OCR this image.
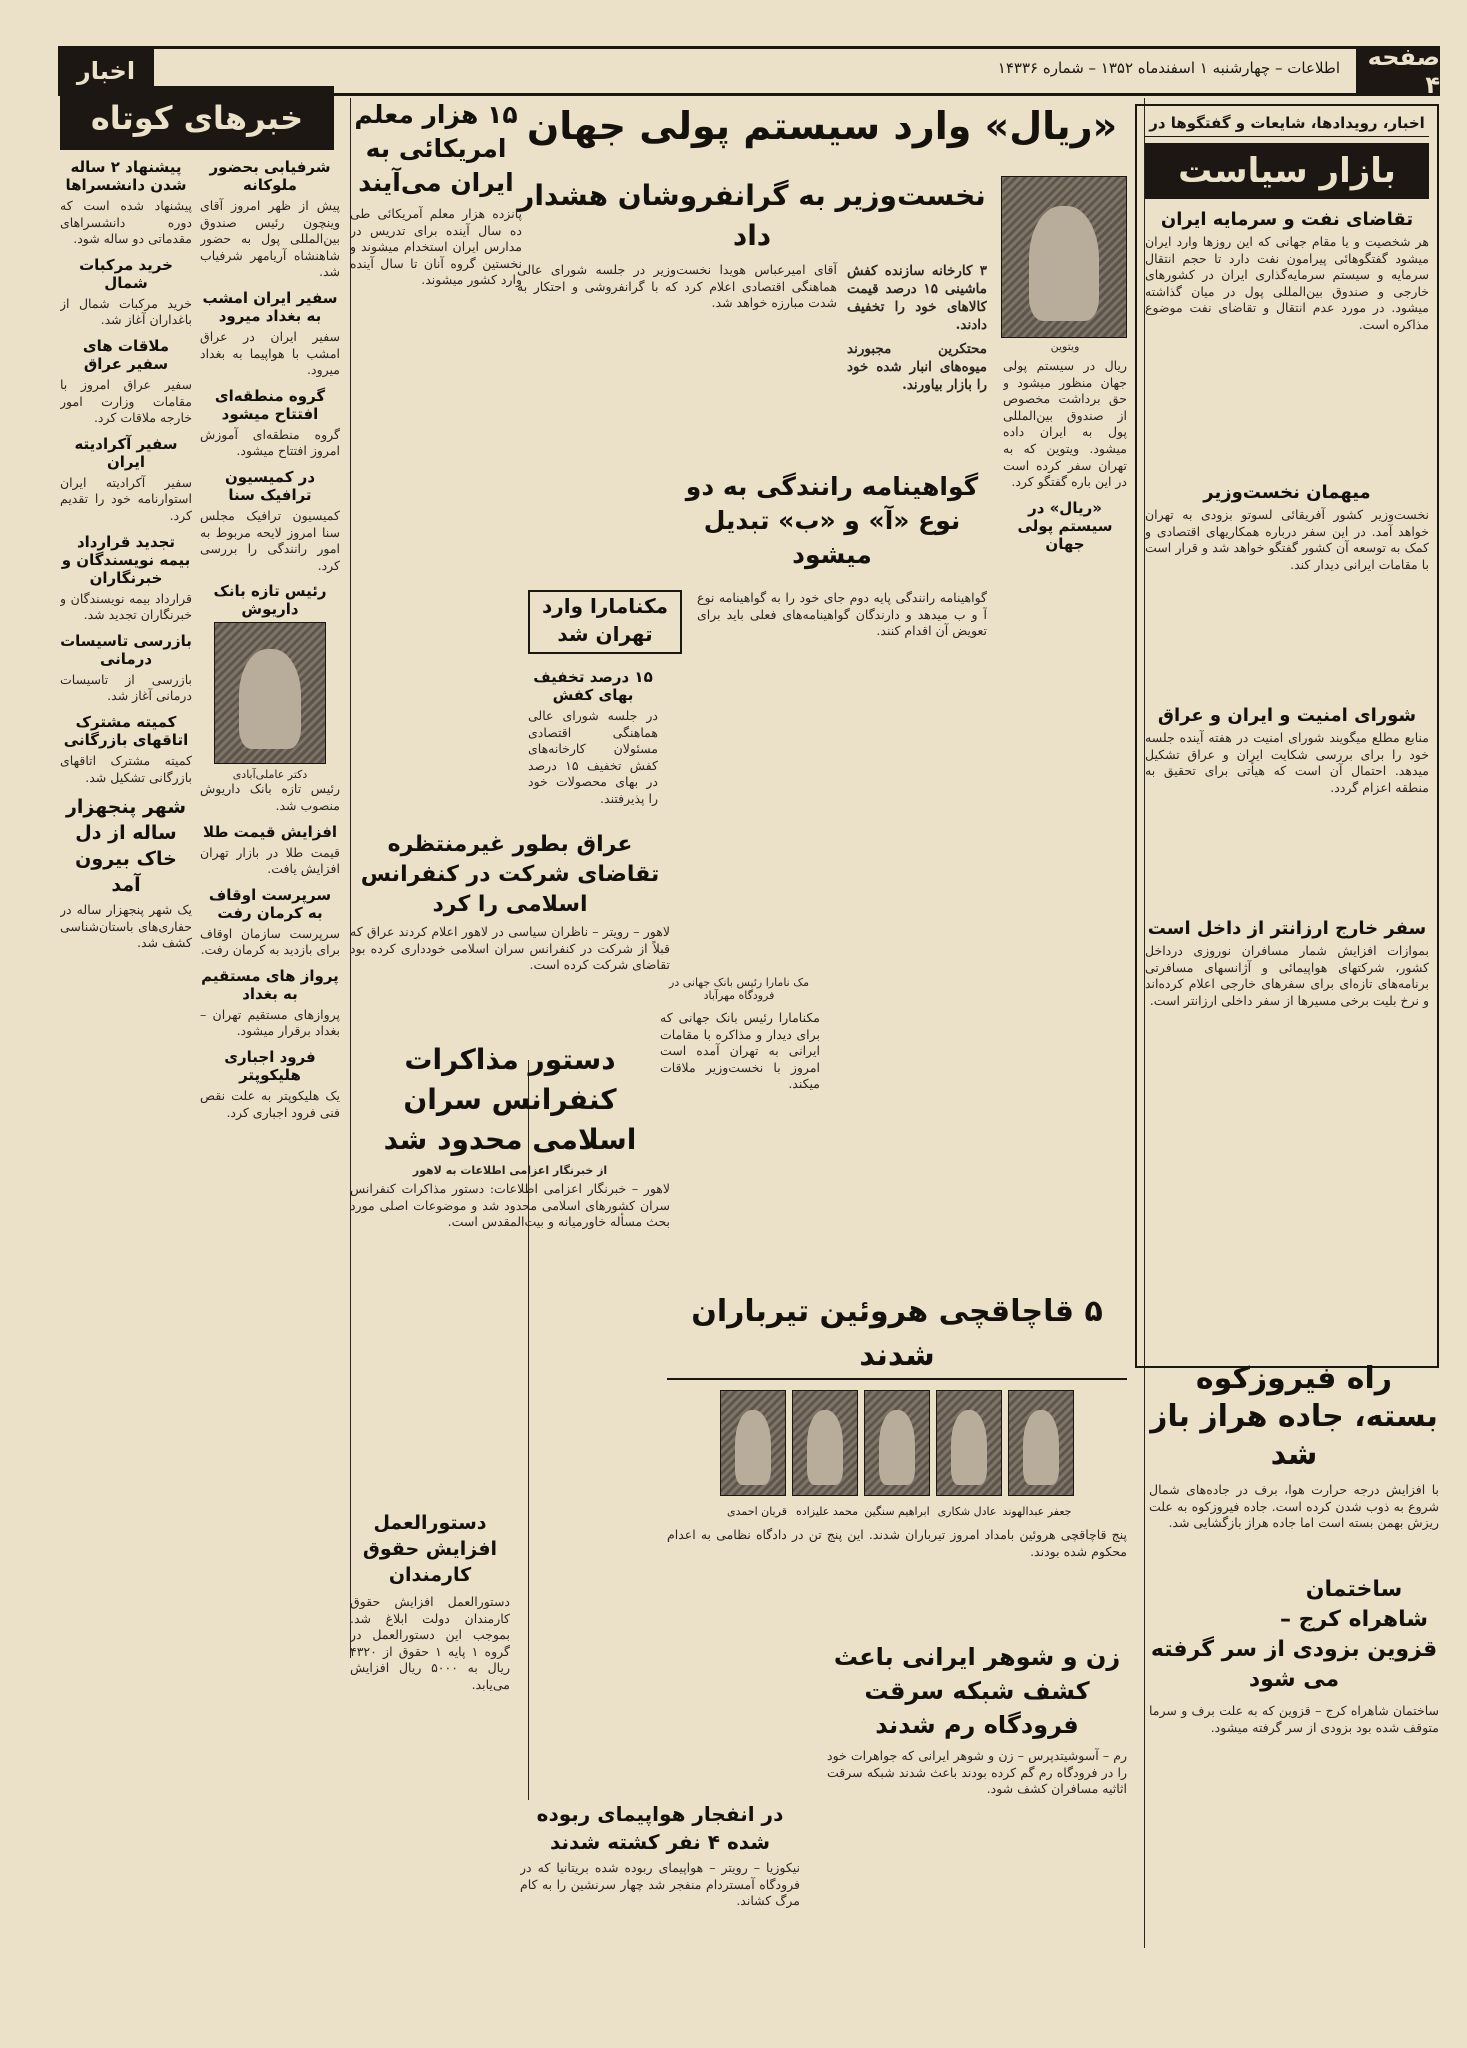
صفحه ۴
اطلاعات – چهارشنبه ۱ اسفندماه ۱۳۵۲ – شماره ۱۴۳۳۶
اخبار
اخبار، رویدادها، شایعات و گفتگوها در
بازار سیاست
تقاضای نفت و سرمایه ایران
هر شخصیت و یا مقام جهانی که این روزها وارد ایران میشود گفتگوهائی پیرامون نفت دارد تا حجم انتقال سرمایه و سیستم سرمایه‌گذاری ایران در کشورهای خارجی و صندوق بین‌المللی پول در میان گذاشته میشود. در مورد عدم انتقال و تقاضای نفت موضوع مذاکره است.
میهمان نخست‌وزیر
نخست‌وزیر کشور آفریقائی لسوتو بزودی به تهران خواهد آمد. در این سفر درباره همکاریهای اقتصادی و کمک به توسعه آن کشور گفتگو خواهد شد و قرار است با مقامات ایرانی دیدار کند.
شورای امنیت و ایران و عراق
منابع مطلع میگویند شورای امنیت در هفته آینده جلسه خود را برای بررسی شکایت ایران و عراق تشکیل میدهد. احتمال آن است که هیأتی برای تحقیق به منطقه اعزام گردد.
سفر خارج ارزانتر از داخل است
بموازات افزایش شمار مسافران نوروزی درداخل کشور، شرکتهای هواپیمائی و آژانسهای مسافرتی برنامه‌های تازه‌ای برای سفرهای خارجی اعلام کرده‌اند و نرخ بلیت برخی مسیرها از سفر داخلی ارزانتر است.
راه فیروزکوه بسته، جاده هراز باز شد
با افزایش درجه حرارت هوا، برف در جاده‌های شمال شروع به ذوب شدن کرده است. جاده فیروزکوه به علت ریزش بهمن بسته است اما جاده هراز بازگشایی شد.
ساختمان شاهراه کرج – قزوین بزودی از سر گرفته می شود
ساختمان شاهراه کرج – قزوین که به علت برف و سرما متوقف شده بود بزودی از سر گرفته میشود.
«ریال» وارد سیستم پولی جهان
ویتوین
ریال در سیستم پولی جهان منظور میشود و حق برداشت مخصوص از صندوق بین‌المللی پول به ایران داده میشود. ویتوین که به تهران سفر کرده است در این باره گفتگو کرد.
«ریال» در سیستم پولی جهان
نخست‌وزیر به گرانفروشان هشدار داد
۳ کارخانه سازنده کفش ماشینی ۱۵ درصد قیمت کالاهای خود را تخفیف دادند.
محتکرین مجبورند میوه‌های انبار شده خود را بازار بیاورند.
آقای امیرعباس هویدا نخست‌وزیر در جلسه شورای عالی هماهنگی اقتصادی اعلام کرد که با گرانفروشی و احتکار به شدت مبارزه خواهد شد.
گواهینامه رانندگی به دو نوع «آ» و «ب» تبدیل میشود
گواهینامه رانندگی پایه دوم جای خود را به گواهینامه نوع آ و ب میدهد و دارندگان گواهینامه‌های فعلی باید برای تعویض آن اقدام کنند.
مکنامارا وارد تهران شد
مک نامارا رئیس بانک جهانی در فرودگاه مهرآباد
مکنامارا رئیس بانک جهانی که برای دیدار و مذاکره با مقامات ایرانی به تهران آمده است امروز با نخست‌وزیر ملاقات میکند.
۱۵ درصد تخفیف بهای کفش
در جلسه شورای عالی هماهنگی اقتصادی مسئولان کارخانه‌های کفش تخفیف ۱۵ درصد در بهای محصولات خود را پذیرفتند.
۱۵ هزار معلم امریکائی به ایران می‌آیند
پانزده هزار معلم آمریکائی طی ده سال آینده برای تدریس در مدارس ایران استخدام میشوند و نخستین گروه آنان تا سال آینده وارد کشور میشوند.
عراق بطور غیرمنتظره تقاضای شرکت در کنفرانس اسلامی را کرد
لاهور – رویتر – ناظران سیاسی در لاهور اعلام کردند عراق که قبلاً از شرکت در کنفرانس سران اسلامی خودداری کرده بود تقاضای شرکت کرده است.
دستور مذاکرات کنفرانس سران اسلامی محدود شد
از خبرنگار اعزامی اطلاعات به لاهور
لاهور – خبرنگار اعزامی اطلاعات: دستور مذاکرات کنفرانس سران کشورهای اسلامی محدود شد و موضوعات اصلی مورد بحث مسأله خاورمیانه و بیت‌المقدس است.
دستورالعمل افزایش حقوق کارمندان
دستورالعمل افزایش حقوق کارمندان دولت ابلاغ شد. بموجب این دستورالعمل در گروه ۱ پایه ۱ حقوق از ۴۳۲۰ ریال به ۵۰۰۰ ریال افزایش می‌یابد.
در انفجار هواپیمای ربوده شده ۴ نفر کشته شدند
نیکوزیا – رویتر – هواپیمای ربوده شده بریتانیا که در فرودگاه آمستردام منفجر شد چهار سرنشین را به کام مرگ کشاند.
۵ قاچاقچی هروئین تیرباران شدند
جعفر عبدالهوندعادل شکاریابراهیم سنگینمحمد علیزادهقربان احمدی
پنج قاچاقچی هروئین بامداد امروز تیرباران شدند. این پنج تن در دادگاه نظامی به اعدام محکوم شده بودند.
زن و شوهر ایرانی باعث کشف شبکه سرقت فرودگاه رم شدند
رم – آسوشیتدپرس – زن و شوهر ایرانی که جواهرات خود را در فرودگاه رم گم کرده بودند باعث شدند شبکه سرقت اثاثیه مسافران کشف شود.
خبرهای کوتاه
شرفیابی بحضور ملوکانه
پیش از ظهر امروز آقای وینچون رئیس صندوق بین‌المللی پول به حضور شاهنشاه آریامهر شرفیاب شد.
سفیر ایران امشب به بغداد میرود
سفیر ایران در عراق امشب با هواپیما به بغداد میرود.
گروه منطقه‌ای افتتاح میشود
گروه منطقه‌ای آموزش امروز افتتاح میشود.
در کمیسیون ترافیک سنا
کمیسیون ترافیک مجلس سنا امروز لایحه مربوط به امور رانندگی را بررسی کرد.
رئیس تازه بانک داریوش
دکتر عاملی‌آبادی
رئیس تازه بانک داریوش منصوب شد.
افزایش قیمت طلا
قیمت طلا در بازار تهران افزایش یافت.
سرپرست اوقاف به کرمان رفت
سرپرست سازمان اوقاف برای بازدید به کرمان رفت.
پرواز های مستقیم به بغداد
پروازهای مستقیم تهران – بغداد برقرار میشود.
فرود اجباری هلیکوپتر
یک هلیکوپتر به علت نقص فنی فرود اجباری کرد.
پیشنهاد ۲ ساله شدن دانشسراها
پیشنهاد شده است که دوره دانشسراهای مقدماتی دو ساله شود.
خرید مرکبات شمال
خرید مرکبات شمال از باغداران آغاز شد.
ملاقات های سفیر عراق
سفیر عراق امروز با مقامات وزارت امور خارجه ملاقات کرد.
سفیر آکرادیته ایران
سفیر آکرادیته ایران استوارنامه خود را تقدیم کرد.
تجدید قرارداد بیمه نویسندگان و خبرنگاران
قرارداد بیمه نویسندگان و خبرنگاران تجدید شد.
بازرسی تاسیسات درمانی
بازرسی از تاسیسات درمانی آغاز شد.
کمیته مشترک اتاقهای بازرگانی
کمیته مشترک اتاقهای بازرگانی تشکیل شد.
شهر پنجهزار ساله از دل خاک بیرون آمد
یک شهر پنجهزار ساله در حفاری‌های باستان‌شناسی کشف شد.
